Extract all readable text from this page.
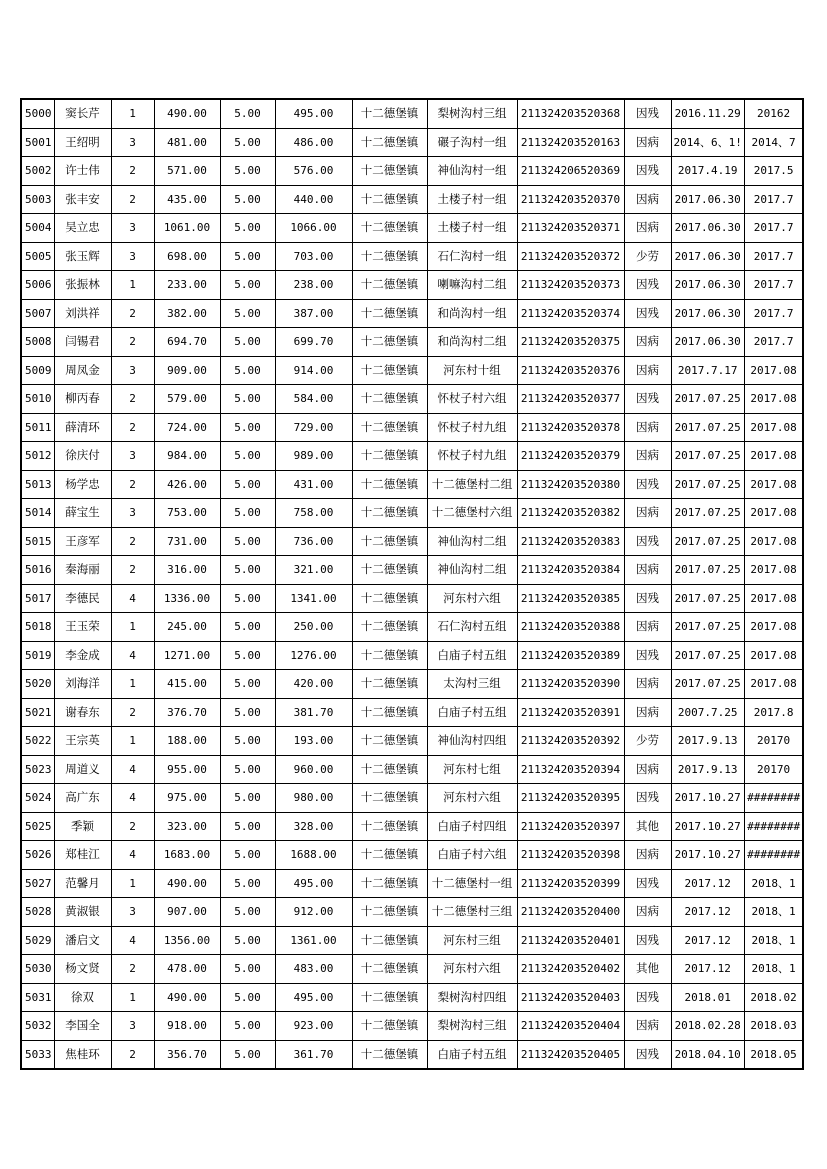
5000	窦长芹	1	490.00	5.00	495.00	十二德堡镇	梨树沟村三组	211324203520368	因残	2016.11.29	20162
5001	王绍明	3	481.00	5.00	486.00	十二德堡镇	碾子沟村一组	211324203520163	因病	2014、6、1!	2014、7
5002	许士伟	2	571.00	5.00	576.00	十二德堡镇	神仙沟村一组	211324206520369	因残	2017.4.19	2017.5
5003	张丰安	2	435.00	5.00	440.00	十二德堡镇	土楼子村一组	211324203520370	因病	2017.06.30	2017.7
5004	吴立忠	3	1061.00	5.00	1066.00	十二德堡镇	土楼子村一组	211324203520371	因病	2017.06.30	2017.7
5005	张玉辉	3	698.00	5.00	703.00	十二德堡镇	石仁沟村一组	211324203520372	少劳	2017.06.30	2017.7
5006	张振林	1	233.00	5.00	238.00	十二德堡镇	喇嘛沟村二组	211324203520373	因残	2017.06.30	2017.7
5007	刘洪祥	2	382.00	5.00	387.00	十二德堡镇	和尚沟村一组	211324203520374	因残	2017.06.30	2017.7
5008	闫锡君	2	694.70	5.00	699.70	十二德堡镇	和尚沟村二组	211324203520375	因病	2017.06.30	2017.7
5009	周凤金	3	909.00	5.00	914.00	十二德堡镇	河东村十组	211324203520376	因病	2017.7.17	2017.08
5010	柳丙春	2	579.00	5.00	584.00	十二德堡镇	怀杖子村六组	211324203520377	因残	2017.07.25	2017.08
5011	薛清环	2	724.00	5.00	729.00	十二德堡镇	怀杖子村九组	211324203520378	因病	2017.07.25	2017.08
5012	徐庆付	3	984.00	5.00	989.00	十二德堡镇	怀杖子村九组	211324203520379	因病	2017.07.25	2017.08
5013	杨学忠	2	426.00	5.00	431.00	十二德堡镇	十二德堡村二组	211324203520380	因残	2017.07.25	2017.08
5014	薛宝生	3	753.00	5.00	758.00	十二德堡镇	十二德堡村六组	211324203520382	因病	2017.07.25	2017.08
5015	王彦军	2	731.00	5.00	736.00	十二德堡镇	神仙沟村二组	211324203520383	因残	2017.07.25	2017.08
5016	秦海丽	2	316.00	5.00	321.00	十二德堡镇	神仙沟村二组	211324203520384	因病	2017.07.25	2017.08
5017	李德民	4	1336.00	5.00	1341.00	十二德堡镇	河东村六组	211324203520385	因残	2017.07.25	2017.08
5018	王玉荣	1	245.00	5.00	250.00	十二德堡镇	石仁沟村五组	211324203520388	因病	2017.07.25	2017.08
5019	李金成	4	1271.00	5.00	1276.00	十二德堡镇	白庙子村五组	211324203520389	因残	2017.07.25	2017.08
5020	刘海洋	1	415.00	5.00	420.00	十二德堡镇	太沟村三组	211324203520390	因病	2017.07.25	2017.08
5021	谢春东	2	376.70	5.00	381.70	十二德堡镇	白庙子村五组	211324203520391	因病	2007.7.25	2017.8
5022	王宗英	1	188.00	5.00	193.00	十二德堡镇	神仙沟村四组	211324203520392	少劳	2017.9.13	20170
5023	周道义	4	955.00	5.00	960.00	十二德堡镇	河东村七组	211324203520394	因病	2017.9.13	20170
5024	高广东	4	975.00	5.00	980.00	十二德堡镇	河东村六组	211324203520395	因残	2017.10.27	########
5025	季颖	2	323.00	5.00	328.00	十二德堡镇	白庙子村四组	211324203520397	其他	2017.10.27	########
5026	郑桂江	4	1683.00	5.00	1688.00	十二德堡镇	白庙子村六组	211324203520398	因病	2017.10.27	########
5027	范馨月	1	490.00	5.00	495.00	十二德堡镇	十二德堡村一组	211324203520399	因残	2017.12	2018、1
5028	黄淑银	3	907.00	5.00	912.00	十二德堡镇	十二德堡村三组	211324203520400	因病	2017.12	2018、1
5029	潘启文	4	1356.00	5.00	1361.00	十二德堡镇	河东村三组	211324203520401	因残	2017.12	2018、1
5030	杨文贤	2	478.00	5.00	483.00	十二德堡镇	河东村六组	211324203520402	其他	2017.12	2018、1
5031	徐双	1	490.00	5.00	495.00	十二德堡镇	梨树沟村四组	211324203520403	因残	2018.01	2018.02
5032	李国全	3	918.00	5.00	923.00	十二德堡镇	梨树沟村三组	211324203520404	因病	2018.02.28	2018.03
5033	焦桂环	2	356.70	5.00	361.70	十二德堡镇	白庙子村五组	211324203520405	因残	2018.04.10	2018.05
